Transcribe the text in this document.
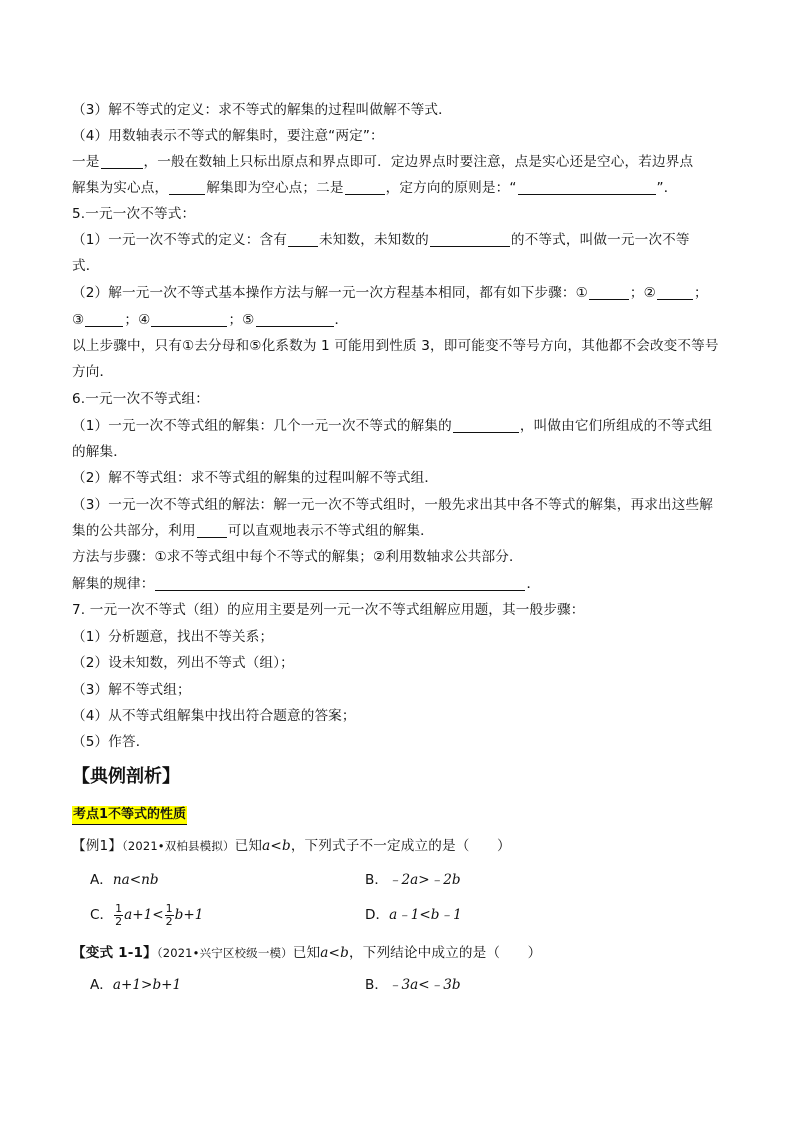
（3）解不等式的定义：求不等式的解集的过程叫做解不等式．
（4）用数轴表示不等式的解集时，要注意“两定”：
一是	，一般在数轴上只标出原点和界点即可．定边界点时要注意，点是实心还是空心，若边界点
解集为实心点，	解集即为空心点；二是	，定方向的原则是：“	”．
5.一元一次不等式：
（1）一元一次不等式的定义：含有 未知数，未知数的	的不等式，叫做一元一次不等
式．
（2）解一元一次不等式基本操作方法与解一元一次方程基本相同，都有如下步骤：①	；②	；
③	；④	；⑤	．
以上步骤中，只有①去分母和⑤化系数为 1 可能用到性质 3，即可能变不等号方向，其他都不会改变不等号
方向．
6.一元一次不等式组：
（1）一元一次不等式组的解集：几个一元一次不等式的解集的	，叫做由它们所组成的不等式组
的解集．
（2）解不等式组：求不等式组的解集的过程叫解不等式组．
（3）一元一次不等式组的解法：解一元一次不等式组时，一般先求出其中各不等式的解集，再求出这些解
集的公共部分，利用 可以直观地表示不等式组的解集．
方法与步骤：①求不等式组中每个不等式的解集；②利用数轴求公共部分．
解集的规律：	．
7. 一元一次不等式（组）的应用主要是列一元一次不等式组解应用题，其一般步骤：
（1）分析题意，找出不等关系；
（2）设未知数，列出不等式（组）；
（3）解不等式组；
（4）从不等式组解集中找出符合题意的答案；
（5）作答．
【典例剖析】
考点1不等式的性质
【例1】（2021•双柏县模拟）已知a<b，下列式子不一定成立的是（　　）
A．na<nb	B．﹣2a>﹣2b
C． $\frac{1}{2} a+1< \frac{1}{2} b+1$	D．a﹣1<b﹣1
【变式 1-1】（2021•兴宁区校级一模）已知a<b，下列结论中成立的是（　　）
A．a+1>b+1	B．﹣3a<﹣3b
